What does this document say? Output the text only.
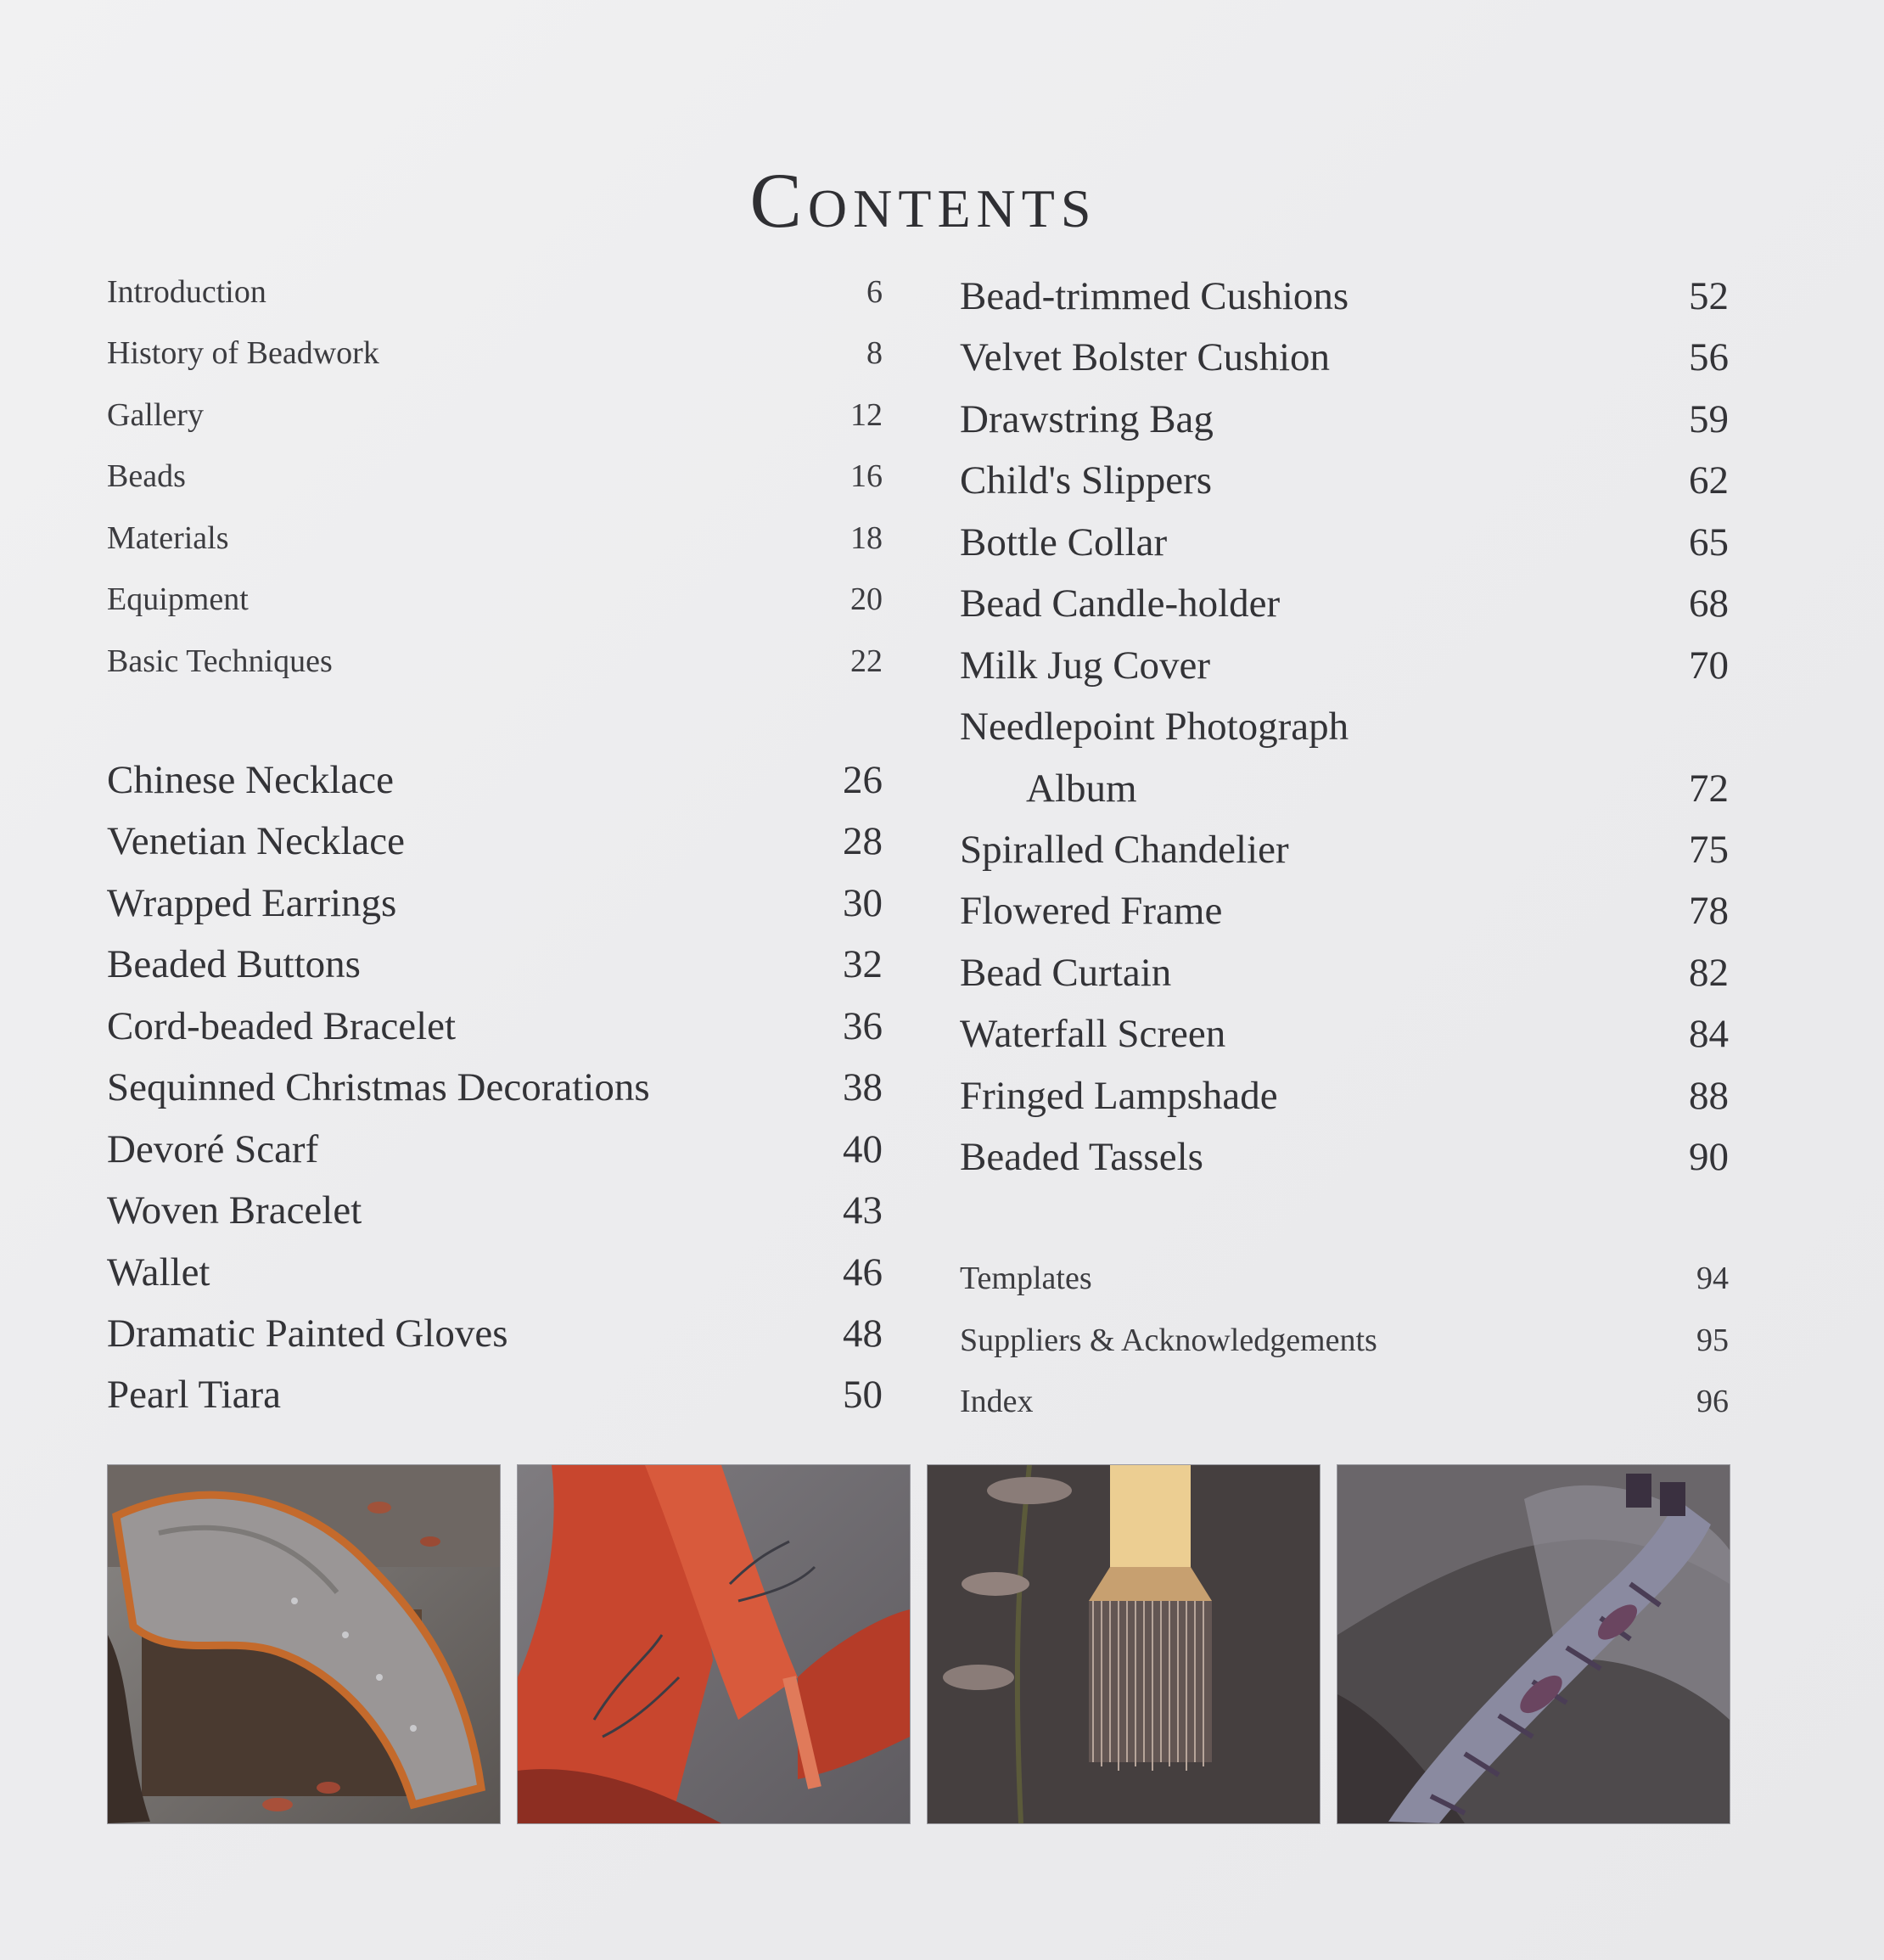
Contents
Introduction	6
History of Beadwork	8
Gallery	12
Beads	16
Materials	18
Equipment	20
Basic Techniques	22
Chinese Necklace	26
Venetian Necklace	28
Wrapped Earrings	30
Beaded Buttons	32
Cord-beaded Bracelet	36
Sequinned Christmas Decorations	38
Devoré Scarf	40
Woven Bracelet	43
Wallet	46
Dramatic Painted Gloves	48
Pearl Tiara	50
Bead-trimmed Cushions	52
Velvet Bolster Cushion	56
Drawstring Bag	59
Child's Slippers	62
Bottle Collar	65
Bead Candle-holder	68
Milk Jug Cover	70
Needlepoint Photograph
Album	72
Spiralled Chandelier	75
Flowered Frame	78
Bead Curtain	82
Waterfall Screen	84
Fringed Lampshade	88
Beaded Tassels	90
Templates	94
Suppliers & Acknowledgements	95
Index	96
